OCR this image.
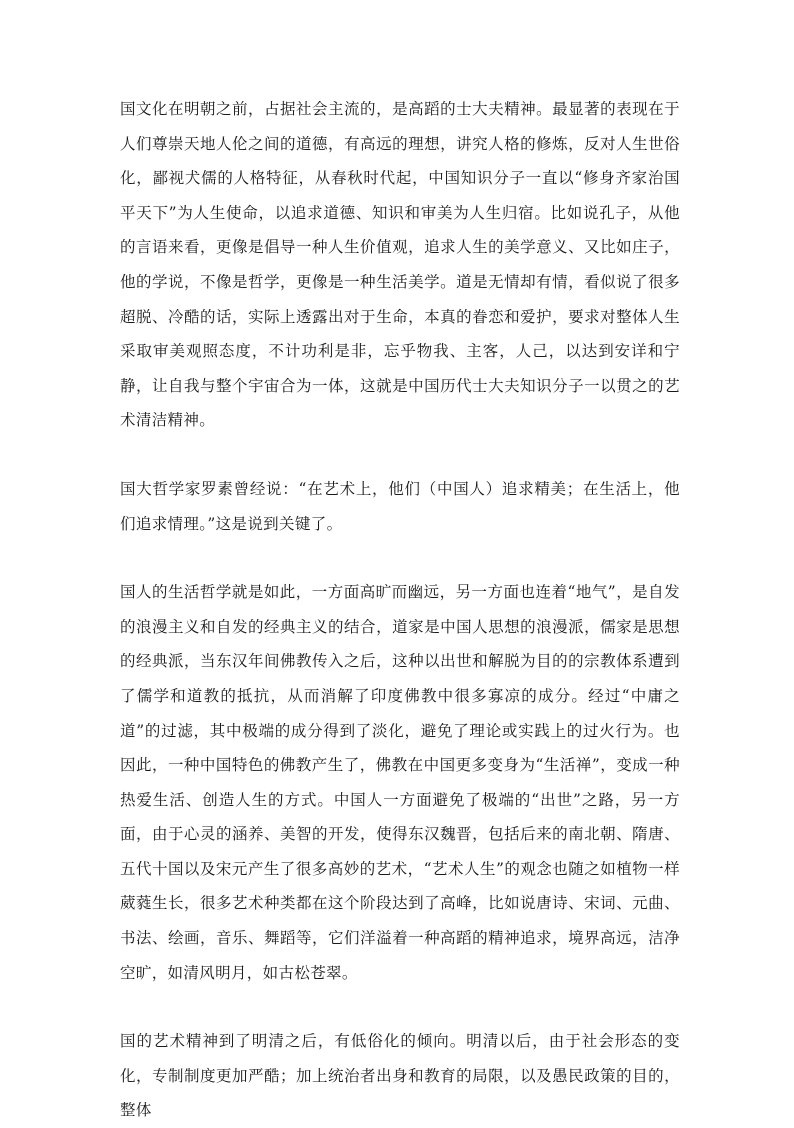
国文化在明朝之前，占据社会主流的，是高蹈的士大夫精神。最显著的表现在于人们尊崇天地人伦之间的道德，有高远的理想，讲究人格的修炼，反对人生世俗化，鄙视犬儒的人格特征，从春秋时代起，中国知识分子一直以“修身齐家治国平天下”为人生使命，以追求道德、知识和审美为人生归宿。比如说孔子，从他的言语来看，更像是倡导一种人生价值观，追求人生的美学意义、又比如庄子，他的学说，不像是哲学，更像是一种生活美学。道是无情却有情，看似说了很多超脱、冷酷的话，实际上透露出对于生命，本真的眷恋和爱护，要求对整体人生采取审美观照态度，不计功利是非，忘乎物我、主客，人己，以达到安详和宁静，让自我与整个宇宙合为一体，这就是中国历代士大夫知识分子一以贯之的艺术清洁精神。

国大哲学家罗素曾经说：“在艺术上，他们（中国人）追求精美；在生活上，他们追求情理。”这是说到关键了。

国人的生活哲学就是如此，一方面高旷而幽远，另一方面也连着“地气”，是自发的浪漫主义和自发的经典主义的结合，道家是中国人思想的浪漫派，儒家是思想的经典派，当东汉年间佛教传入之后，这种以出世和解脱为目的的宗教体系遭到了儒学和道教的抵抗，从而消解了印度佛教中很多寡凉的成分。经过“中庸之道”的过滤，其中极端的成分得到了淡化，避免了理论或实践上的过火行为。也因此，一种中国特色的佛教产生了，佛教在中国更多变身为“生活禅”，变成一种热爱生活、创造人生的方式。中国人一方面避免了极端的“出世”之路，另一方面，由于心灵的涵养、美智的开发，使得东汉魏晋，包括后来的南北朝、隋唐、五代十国以及宋元产生了很多高妙的艺术，“艺术人生”的观念也随之如植物一样葳蕤生长，很多艺术种类都在这个阶段达到了高峰，比如说唐诗、宋词、元曲、书法、绘画，音乐、舞蹈等，它们洋溢着一种高蹈的精神追求，境界高远，洁净空旷，如清风明月，如古松苍翠。

国的艺术精神到了明清之后，有低俗化的倾向。明清以后，由于社会形态的变化，专制制度更加严酷；加上统治者出身和教育的局限，以及愚民政策的目的，整体
